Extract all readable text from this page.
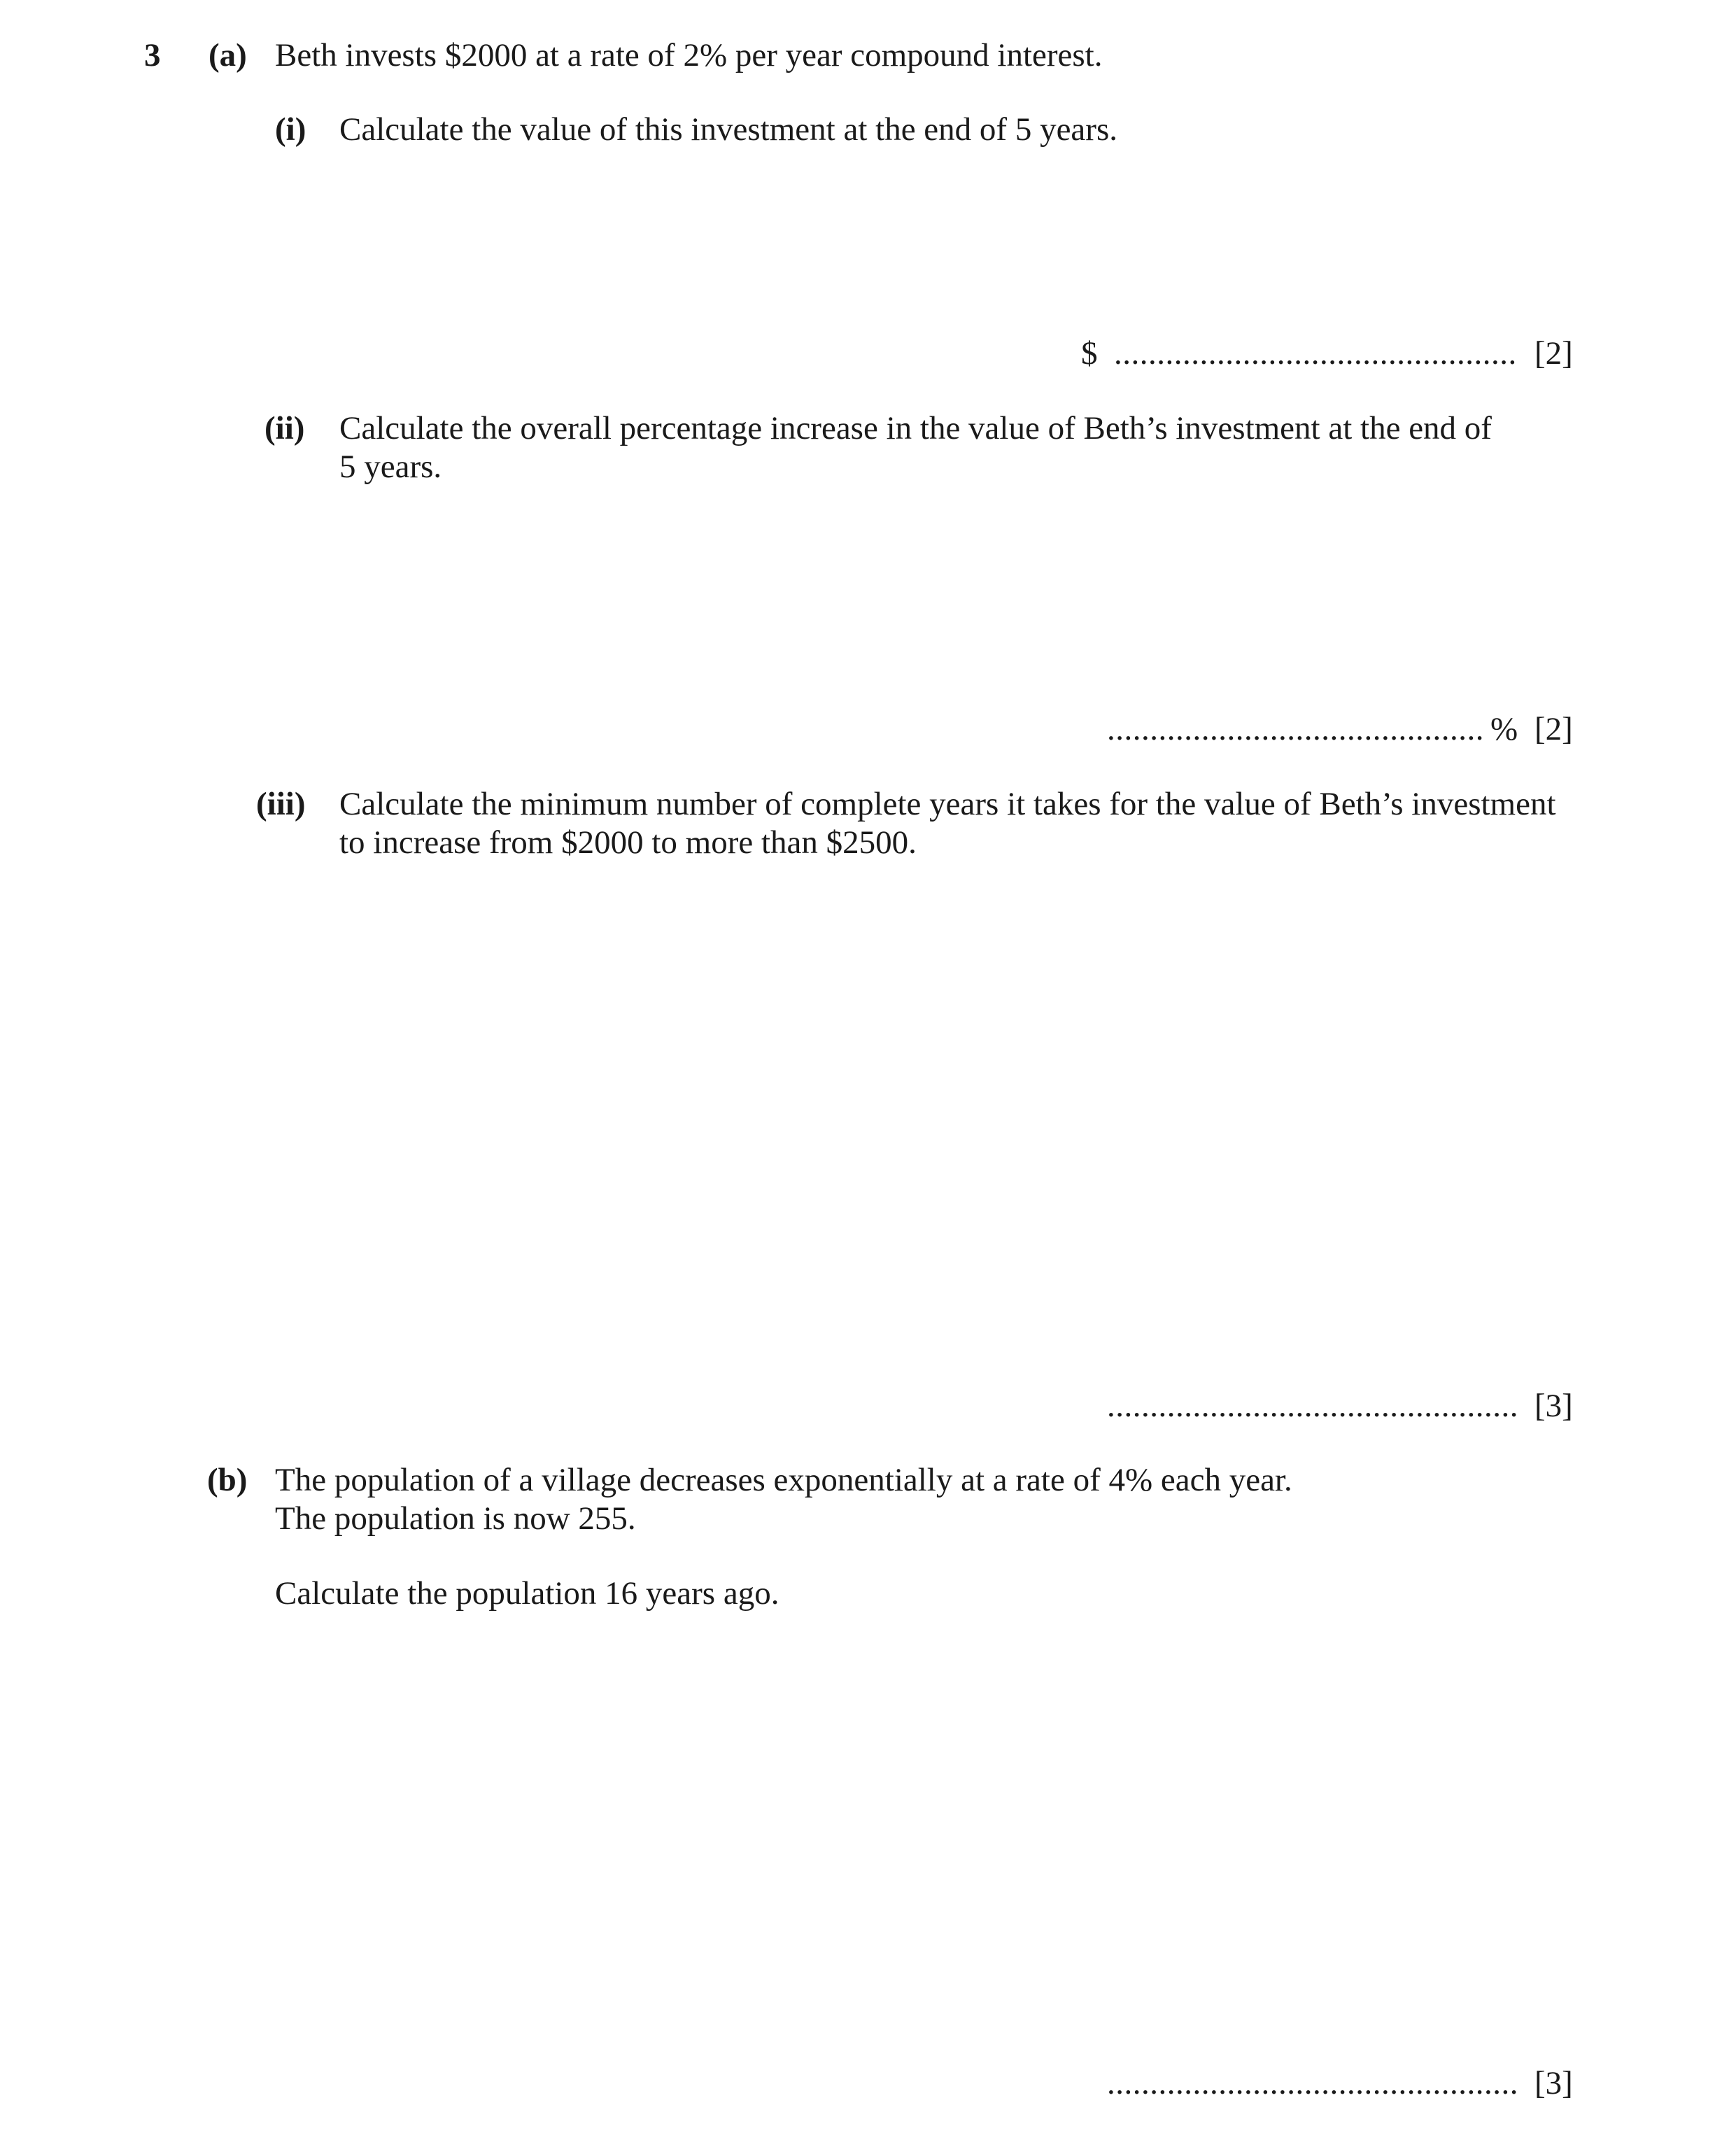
3 (a) Beth invests $2000 at a rate of 2% per year compound interest.
(i) Calculate the value of this investment at the end of 5 years.
$ ............................................... [2]
(ii) Calculate the overall percentage increase in the value of Beth’s investment at the end of
5 years.
............................................ % [2]
(iii) Calculate the minimum number of complete years it takes for the value of Beth’s investment
to increase from $2000 to more than $2500.
................................................ [3]
(b) The population of a village decreases exponentially at a rate of 4% each year.
The population is now 255.
Calculate the population 16 years ago.
................................................ [3]
